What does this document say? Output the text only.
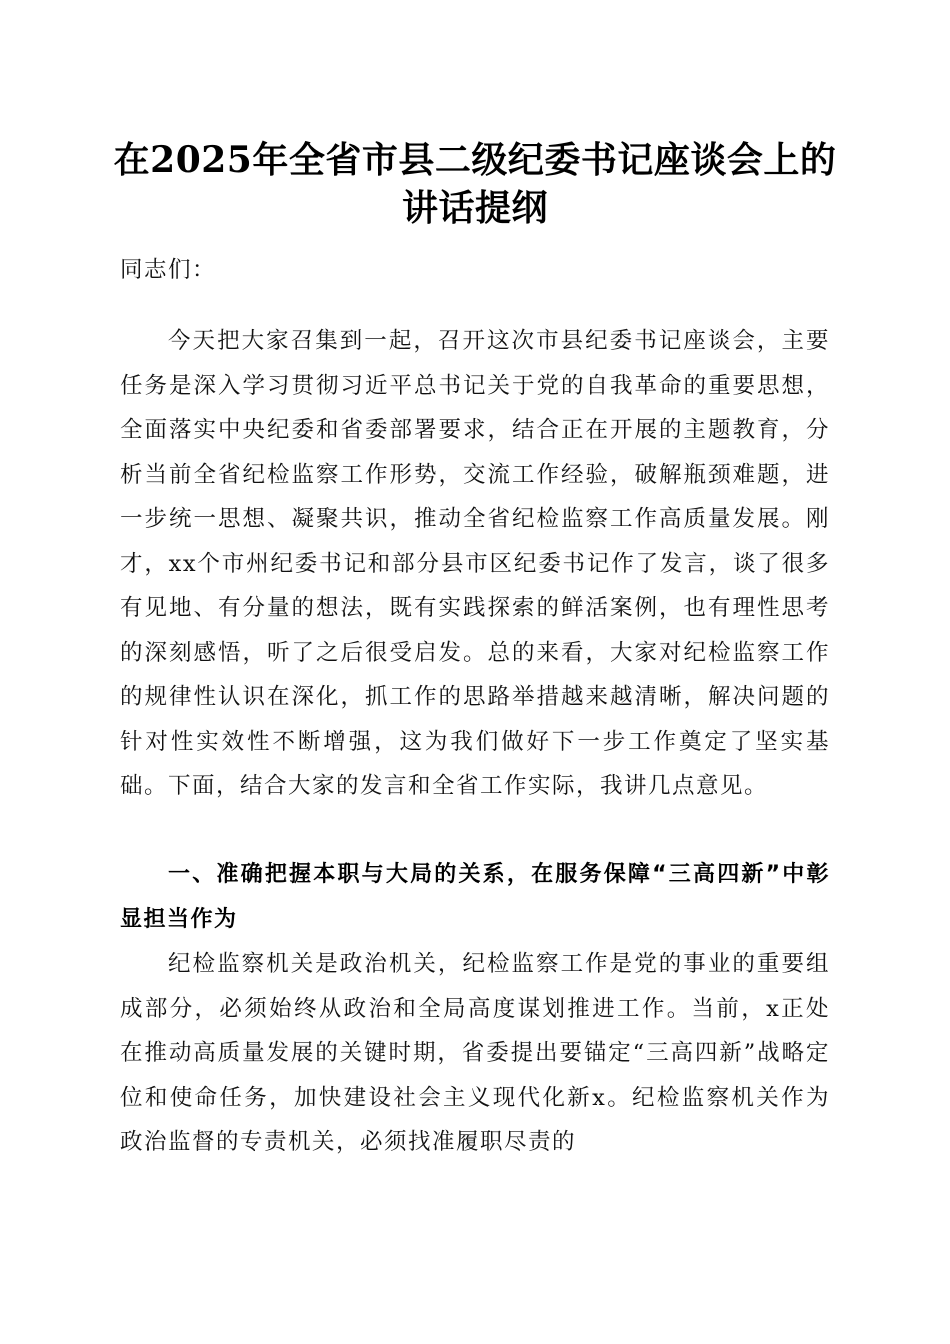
在2025年全省市县二级纪委书记座谈会上的
讲话提纲
同志们：

今天把大家召集到一起，召开这次市县纪委书记座谈会，主要任务是深入学习贯彻习近平总书记关于党的自我革命的重要思想，全面落实中央纪委和省委部署要求，结合正在开展的主题教育，分析当前全省纪检监察工作形势，交流工作经验，破解瓶颈难题，进一步统一思想、凝聚共识，推动全省纪检监察工作高质量发展。刚才，xx个市州纪委书记和部分县市区纪委书记作了发言，谈了很多有见地、有分量的想法，既有实践探索的鲜活案例，也有理性思考的深刻感悟，听了之后很受启发。总的来看，大家对纪检监察工作的规律性认识在深化，抓工作的思路举措越来越清晰，解决问题的针对性实效性不断增强，这为我们做好下一步工作奠定了坚实基础。下面，结合大家的发言和全省工作实际，我讲几点意见。

一、准确把握本职与大局的关系，在服务保障“三高四新”中彰显担当作为

纪检监察机关是政治机关，纪检监察工作是党的事业的重要组成部分，必须始终从政治和全局高度谋划推进工作。当前，x正处在推动高质量发展的关键时期，省委提出要锚定“三高四新”战略定位和使命任务，加快建设社会主义现代化新x。纪检监察机关作为政治监督的专责机关，必须找准履职尽责的
